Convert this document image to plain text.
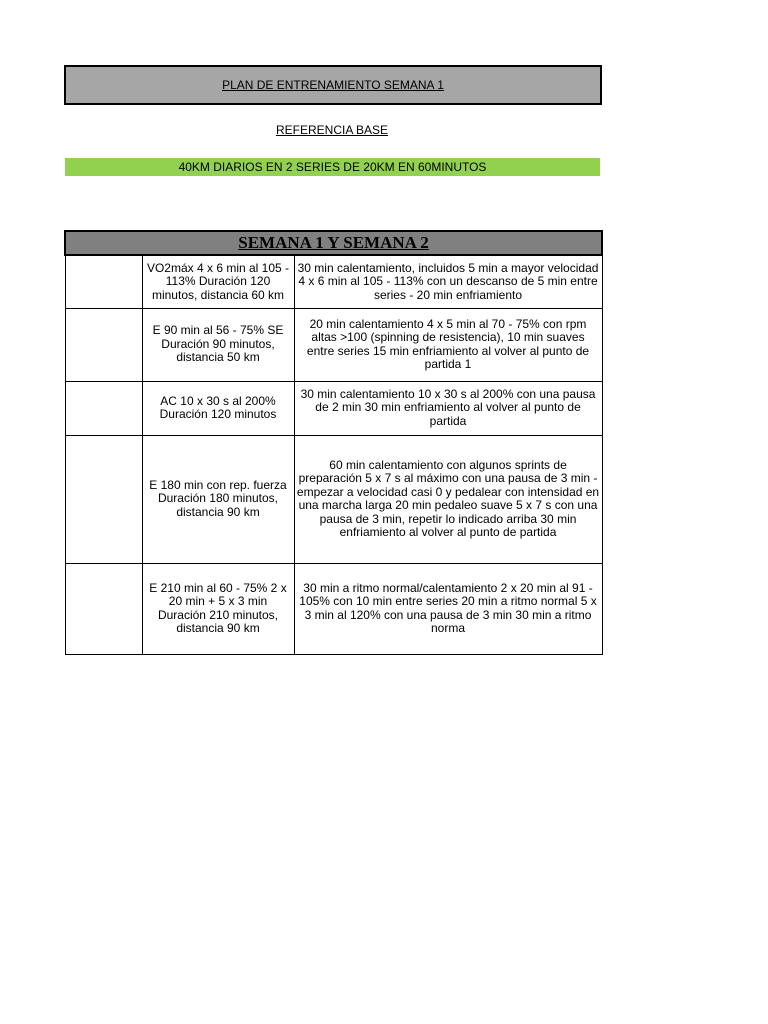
PLAN DE ENTRENAMIENTO SEMANA 1
REFERENCIA BASE
40KM DIARIOS EN 2 SERIES DE 20KM EN 60MINUTOS
SEMANA 1 Y SEMANA 2		
	VO2máx 4 x 6 min al 105 - 113% Duración 120 minutos, distancia 60 km	30 min calentamiento, incluidos 5 min a mayor velocidad 4 x 6 min al 105 - 113% con un descanso de 5 min entre series - 20 min enfriamiento
	E 90 min al 56 - 75% SE Duración 90 minutos, distancia 50 km	20 min calentamiento 4 x 5 min al 70 - 75% con rpm altas >100 (spinning de resistencia), 10 min suaves entre series 15 min enfriamiento al volver al punto de partida 1
	AC 10 x 30 s al 200% Duración 120 minutos	30 min calentamiento 10 x 30 s al 200% con una pausa de 2 min 30 min enfriamiento al volver al punto de partida
	E 180 min con rep. fuerza Duración 180 minutos, distancia 90 km	60 min calentamiento con algunos sprints de preparación 5 x 7 s al máximo con una pausa de 3 min - empezar a velocidad casi 0 y pedalear con intensidad en una marcha larga 20 min pedaleo suave 5 x 7 s con una pausa de 3 min, repetir lo indicado arriba 30 min enfriamiento al volver al punto de partida
	E 210 min al 60 - 75% 2 x 20 min + 5 x 3 min Duración 210 minutos, distancia 90 km	30 min a ritmo normal/calentamiento 2 x 20 min al 91 - 105% con 10 min entre series 20 min a ritmo normal 5 x 3 min al 120% con una pausa de 3 min 30 min a ritmo norma
